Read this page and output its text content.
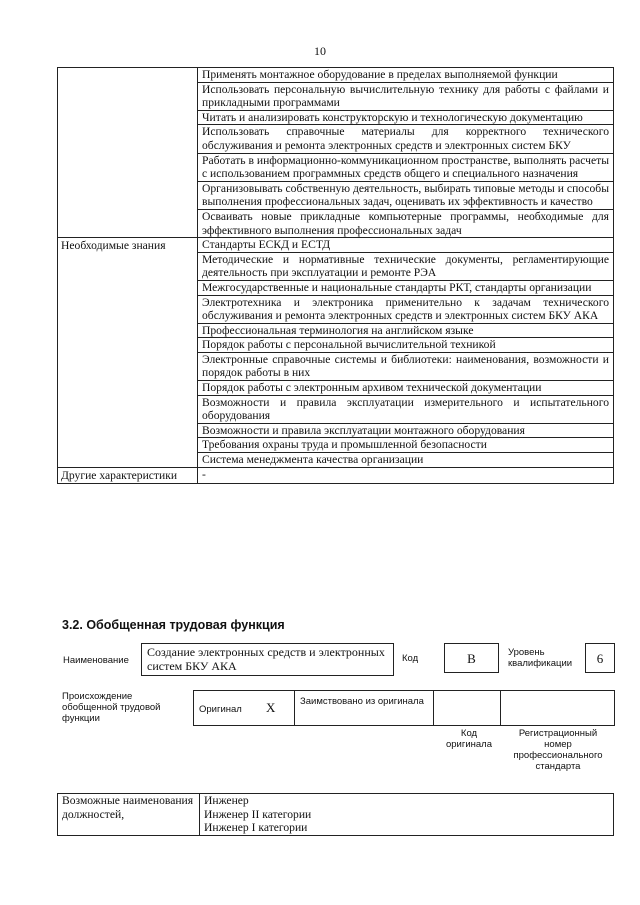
10
	Применять монтажное оборудование в пределах выполняемой функции
	Использовать персональную вычислительную технику для работы с файлами и прикладными программами
	Читать и анализировать конструкторскую и технологическую документацию
	Использовать справочные материалы для корректного технического обслуживания и ремонта электронных средств и электронных систем БКУ
	Работать в информационно-коммуникационном пространстве, выполнять расчеты с использованием программных средств общего и специального назначения
	Организовывать собственную деятельность, выбирать типовые методы и способы выполнения профессиональных задач, оценивать их эффективность и качество
	Осваивать новые прикладные компьютерные программы, необходимые для эффективного выполнения профессиональных задач
Необходимые знания	Стандарты ЕСКД и ЕСТД
	Методические и нормативные технические документы, регламентирующие деятельность при эксплуатации и ремонте РЭА
	Межгосударственные и национальные стандарты РКТ, стандарты организации
	Электротехника и электроника применительно к задачам технического обслуживания и ремонта электронных средств и электронных систем БКУ АКА
	Профессиональная терминология на английском языке
	Порядок работы с персональной вычислительной техникой
	Электронные справочные системы и библиотеки: наименования, возможности и порядок работы в них
	Порядок работы с электронным архивом технической документации
	Возможности и правила эксплуатации измерительного и испытательного оборудования
	Возможности и правила эксплуатации монтажного оборудования
	Требования охраны труда и промышленной безопасности
	Система менеджмента качества организации
Другие характеристики	-
3.2. Обобщенная трудовая функция
Наименование
Создание электронных средств и электронных систем БКУ АКА	Код	В	Уровень квалификации	6
Происхождение обобщенной трудовой функции
Оригинал X	Заимствовано из оригинала
Код оригинала
Регистрационный номер профессионального стандарта
Возможные наименования должностей,	
Инженер
Инженер II категории
Инженер I категории
